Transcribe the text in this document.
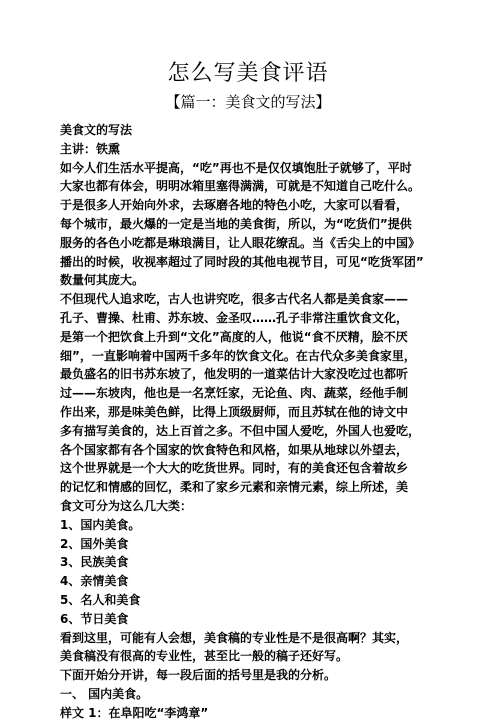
怎么写美食评语
【篇一：美食文的写法】
美食文的写法
主讲：铁熏
如今人们生活水平提高，“吃”再也不是仅仅填饱肚子就够了，平时
大家也都有体会，明明冰箱里塞得满满，可就是不知道自己吃什么。
于是很多人开始向外求，去琢磨各地的特色小吃，大家可以看看，
每个城市，最火爆的一定是当地的美食街，所以，为“吃货们”提供
服务的各色小吃都是琳琅满目，让人眼花缭乱。当《舌尖上的中国》
播出的时候，收视率超过了同时段的其他电视节目，可见“吃货军团”
数量何其庞大。
不但现代人追求吃，古人也讲究吃，很多古代名人都是美食家——
孔子、曹操、杜甫、苏东坡、金圣叹……孔子非常注重饮食文化，
是第一个把饮食上升到“文化”高度的人，他说“食不厌精，脍不厌
细”，一直影响着中国两千多年的饮食文化。在古代众多美食家里，
最负盛名的旧书苏东坡了，他发明的一道菜估计大家没吃过也都听
过——东坡肉，他也是一名烹饪家，无论鱼、肉、蔬菜，经他手制
作出来，那是味美色鲜，比得上顶级厨师，而且苏轼在他的诗文中
多有描写美食的，达上百首之多。不但中国人爱吃，外国人也爱吃，
各个国家都有各个国家的饮食特色和风格，如果从地球以外望去，
这个世界就是一个大大的吃货世界。同时，有的美食还包含着故乡
的记忆和情感的回忆，柔和了家乡元素和亲情元素，综上所述，美
食文可分为这么几大类：
1、国内美食。
2、国外美食
3、民族美食
4、亲情美食
5、名人和美食
6、节日美食
看到这里，可能有人会想，美食稿的专业性是不是很高啊？其实，
美食稿没有很高的专业性，甚至比一般的稿子还好写。
下面开始分开讲，每一段后面的括号里是我的分析。
一、 国内美食。
样文 1：在阜阳吃“李鸿章”
